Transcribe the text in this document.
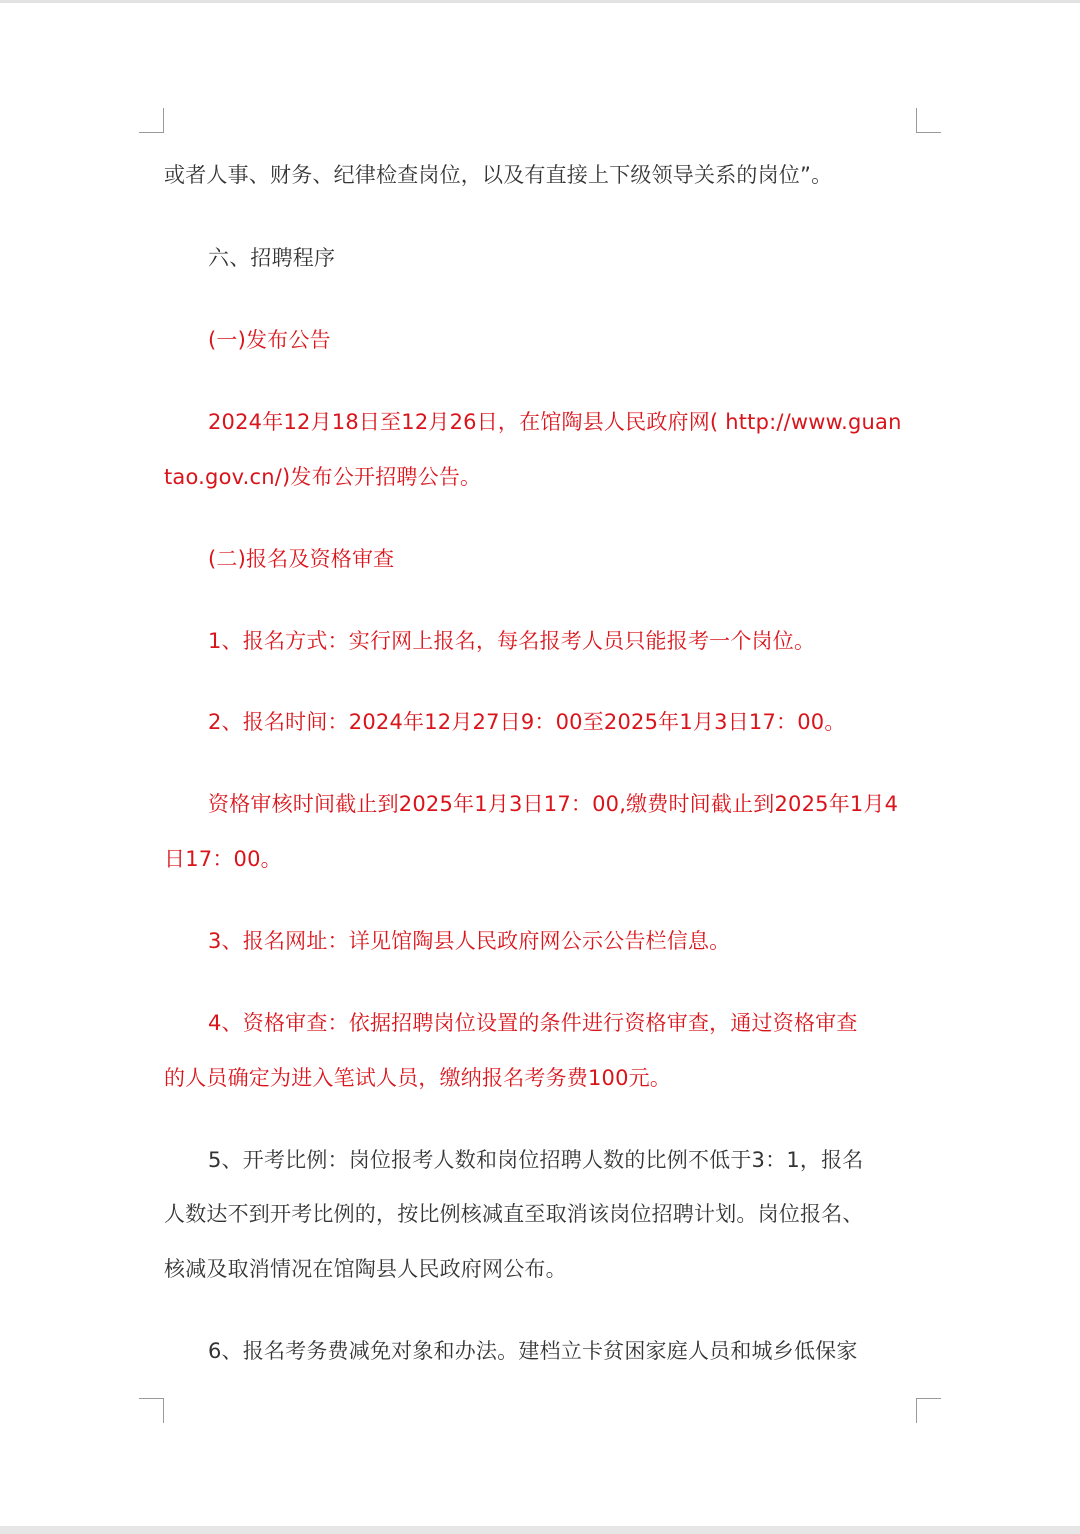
或者人事、财务、纪律检查岗位，以及有直接上下级领导关系的岗位”。
六、招聘程序
(一)发布公告
2024年12月18日至12月26日，在馆陶县人民政府网( http://www.guan
tao.gov.cn/)发布公开招聘公告。
(二)报名及资格审查
1、报名方式：实行网上报名，每名报考人员只能报考一个岗位。
2、报名时间：2024年12月27日9：00至2025年1月3日17：00。
资格审核时间截止到2025年1月3日17：00,缴费时间截止到2025年1月4
日17：00。
3、报名网址：详见馆陶县人民政府网公示公告栏信息。
4、资格审查：依据招聘岗位设置的条件进行资格审查，通过资格审查
的人员确定为进入笔试人员，缴纳报名考务费100元。
5、开考比例：岗位报考人数和岗位招聘人数的比例不低于3：1，报名
人数达不到开考比例的，按比例核减直至取消该岗位招聘计划。岗位报名、
核减及取消情况在馆陶县人民政府网公布。
6、报名考务费减免对象和办法。建档立卡贫困家庭人员和城乡低保家
